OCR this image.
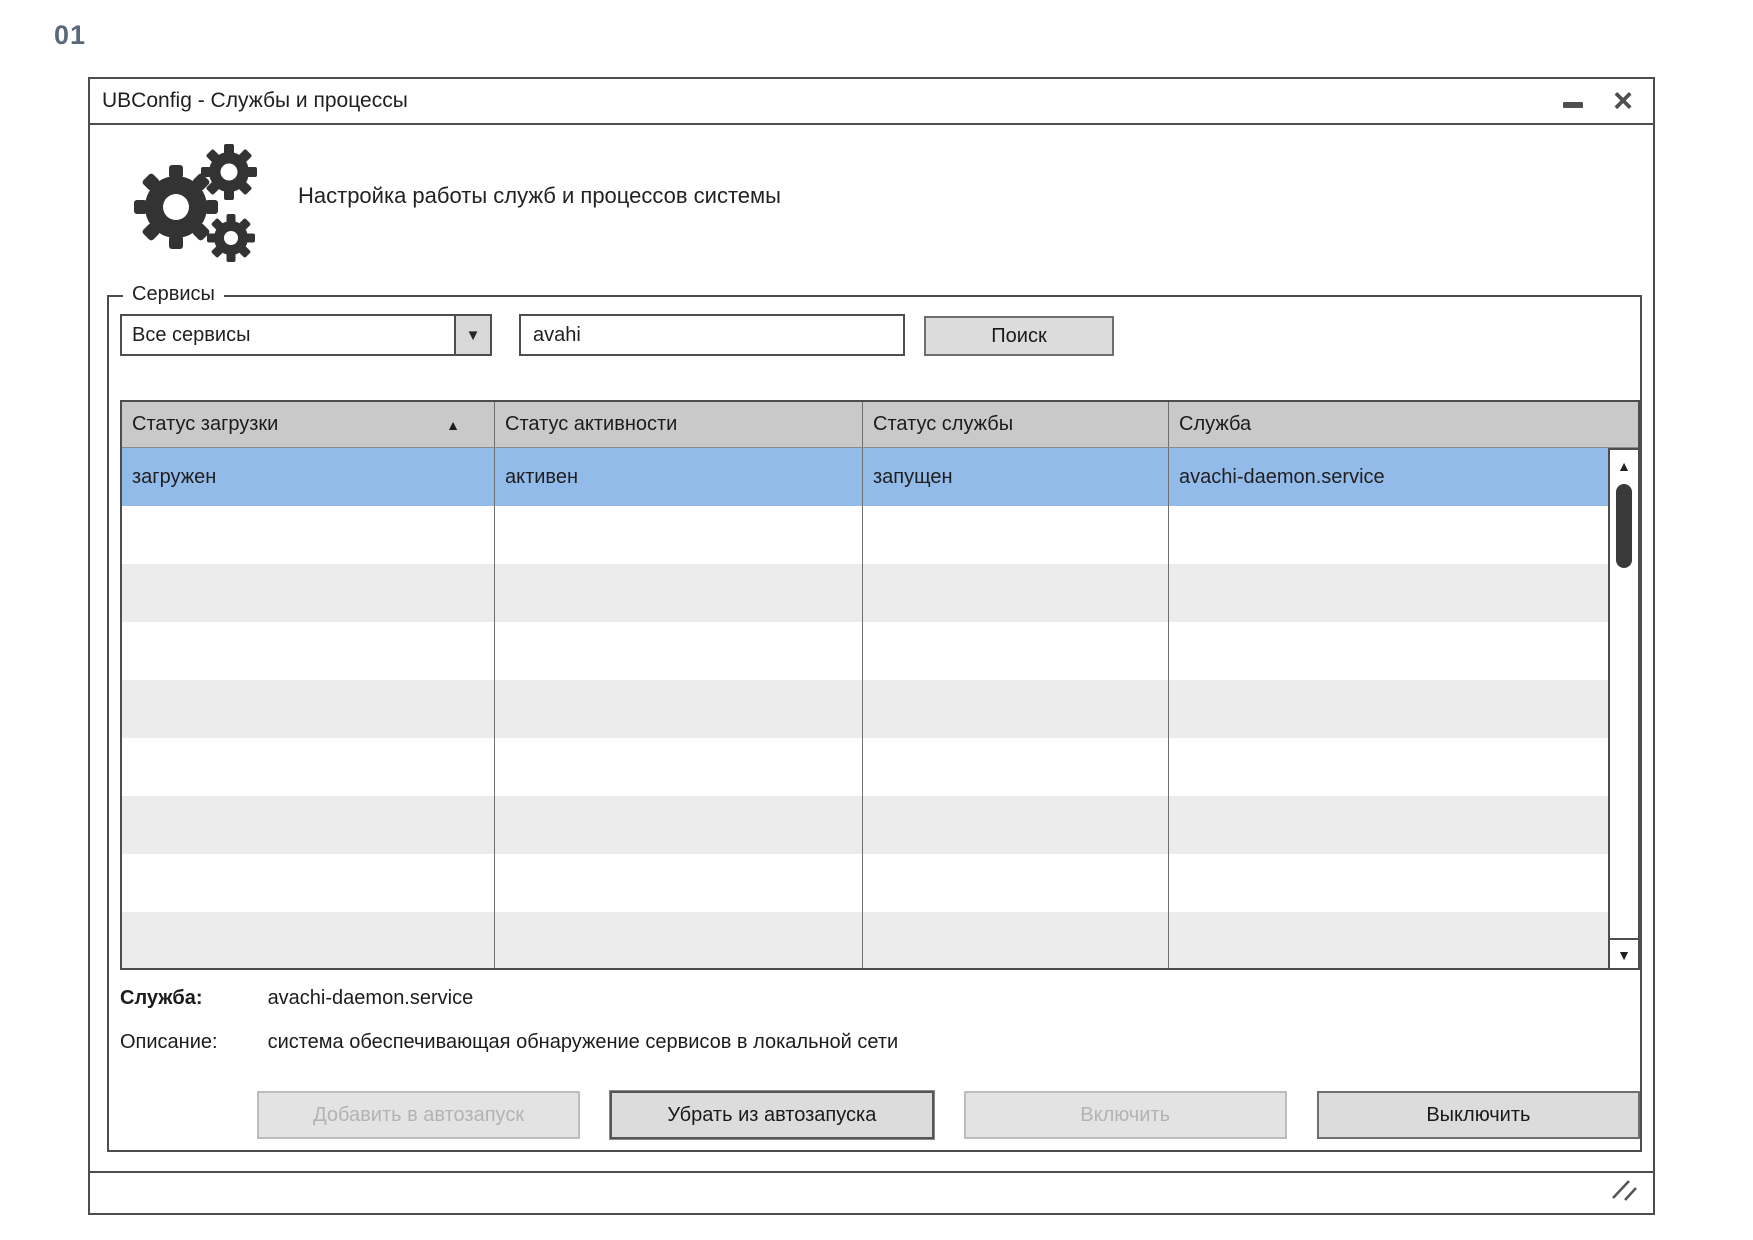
01
UBConfig - Службы и процессы	×
Настройка работы служб и процессов системы
Сервисы
Все сервисы	▼
avahi	Поиск
Статус загрузки	▲ Статус активности	Статус службы	Служба
загружен	активен	запущен	avachi-daemon.service	▲
▼
Служба:	avachi-daemon.service
Описание: система обеспечивающая обнаружение сервисов в локальной сети
Добавить в автозапуск	Убрать из автозапуска	Включить	Выключить
